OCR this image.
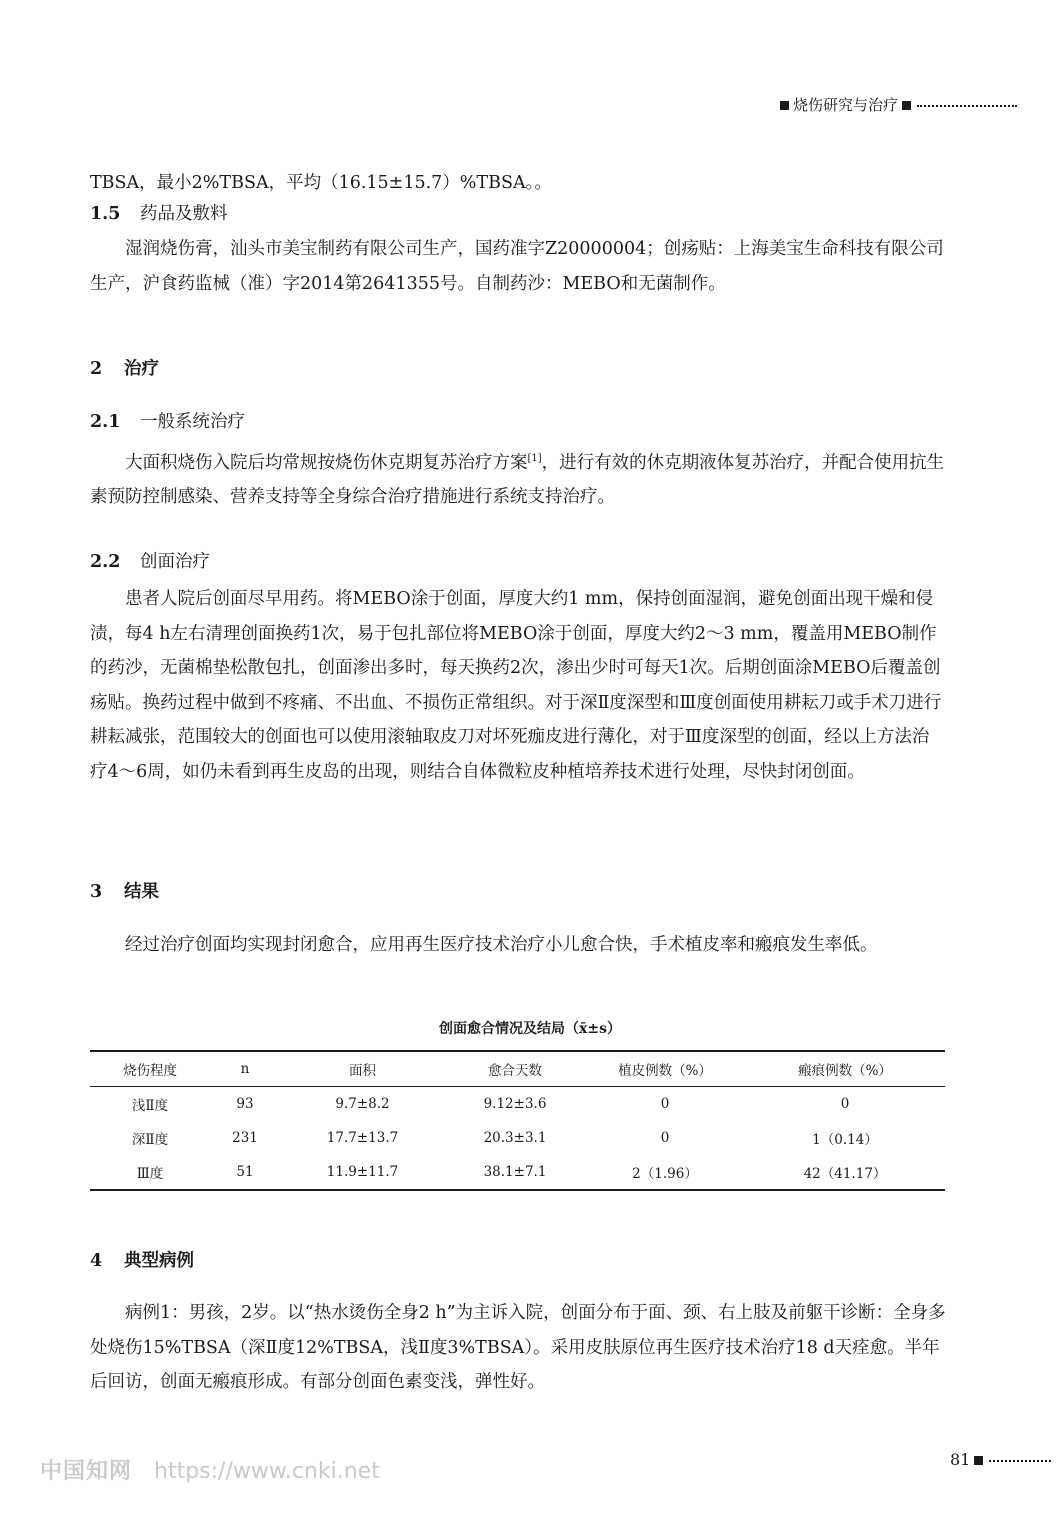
烧伤研究与治疗

TBSA，最小2%TBSA，平均（16.15±15.7）%TBSA。。

1.5 药品及敷料

湿润烧伤膏，汕头市美宝制药有限公司生产，国药准字Z20000004；创疡贴：上海美宝生命科技有限公司生产，沪食药监械（准）字2014第2641355号。自制药沙：MEBO和无菌制作。

2 治疗

2.1 一般系统治疗

大面积烧伤入院后均常规按烧伤休克期复苏治疗方案[1]，进行有效的休克期液体复苏治疗，并配合使用抗生素预防控制感染、营养支持等全身综合治疗措施进行系统支持治疗。

2.2 创面治疗

患者人院后创面尽早用药。将MEBO涂于创面，厚度大约1 mm，保持创面湿润，避免创面出现干燥和侵渍，每4 h左右清理创面换药1次，易于包扎部位将MEBO涂于创面，厚度大约2～3 mm，覆盖用MEBO制作的药沙，无菌棉垫松散包扎，创面渗出多时，每天换药2次，渗出少时可每天1次。后期创面涂MEBO后覆盖创疡贴。换药过程中做到不疼痛、不出血、不损伤正常组织。对于深Ⅱ度深型和Ⅲ度创面使用耕耘刀或手术刀进行耕耘减张，范围较大的创面也可以使用滚轴取皮刀对坏死痂皮进行薄化，对于Ⅲ度深型的创面，经以上方法治疗4～6周，如仍未看到再生皮岛的出现，则结合自体微粒皮种植培养技术进行处理，尽快封闭创面。

3 结果

经过治疗创面均实现封闭愈合，应用再生医疗技术治疗小儿愈合快，手术植皮率和瘢痕发生率低。

创面愈合情况及结局（x̄±s）
烧伤程度	n	面积	愈合天数	植皮例数（%）	瘢痕例数（%）
浅Ⅱ度	93	9.7±8.2	9.12±3.6	0	0
深Ⅱ度	231	17.7±13.7	20.3±3.1	0	1（0.14）
Ⅲ度	51	11.9±11.7	38.1±7.1	2（1.96）	42（41.17）

4 典型病例

病例1：男孩，2岁。以“热水烫伤全身2 h”为主诉入院，创面分布于面、颈、右上肢及前躯干诊断：全身多处烧伤15%TBSA（深Ⅱ度12%TBSA，浅Ⅱ度3%TBSA）。采用皮肤原位再生医疗技术治疗18 d天痊愈。半年后回访，创面无瘢痕形成。有部分创面色素变浅，弹性好。

81
中国知网 https://www.cnki.net
